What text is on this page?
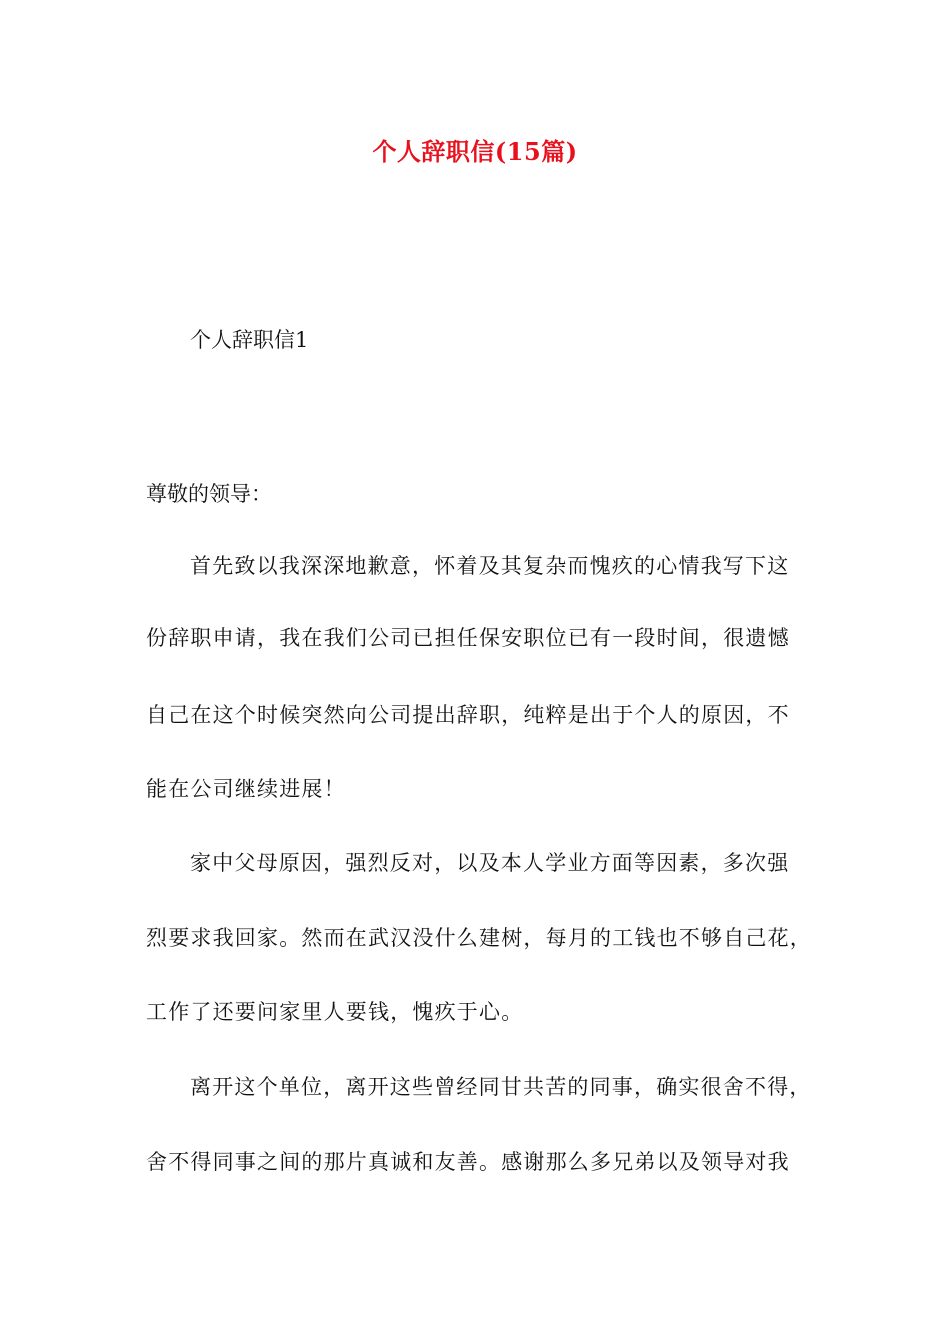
个人辞职信(15篇)
个人辞职信1
尊敬的领导：
首先致以我深深地歉意，怀着及其复杂而愧疚的心情我写下这
份辞职申请，我在我们公司已担任保安职位已有一段时间，很遗憾
自己在这个时候突然向公司提出辞职，纯粹是出于个人的原因，不
能在公司继续进展！
家中父母原因，强烈反对，以及本人学业方面等因素，多次强
烈要求我回家。然而在武汉没什么建树，每月的工钱也不够自己花，
工作了还要问家里人要钱，愧疚于心。
离开这个单位，离开这些曾经同甘共苦的同事，确实很舍不得，
舍不得同事之间的那片真诚和友善。感谢那么多兄弟以及领导对我
